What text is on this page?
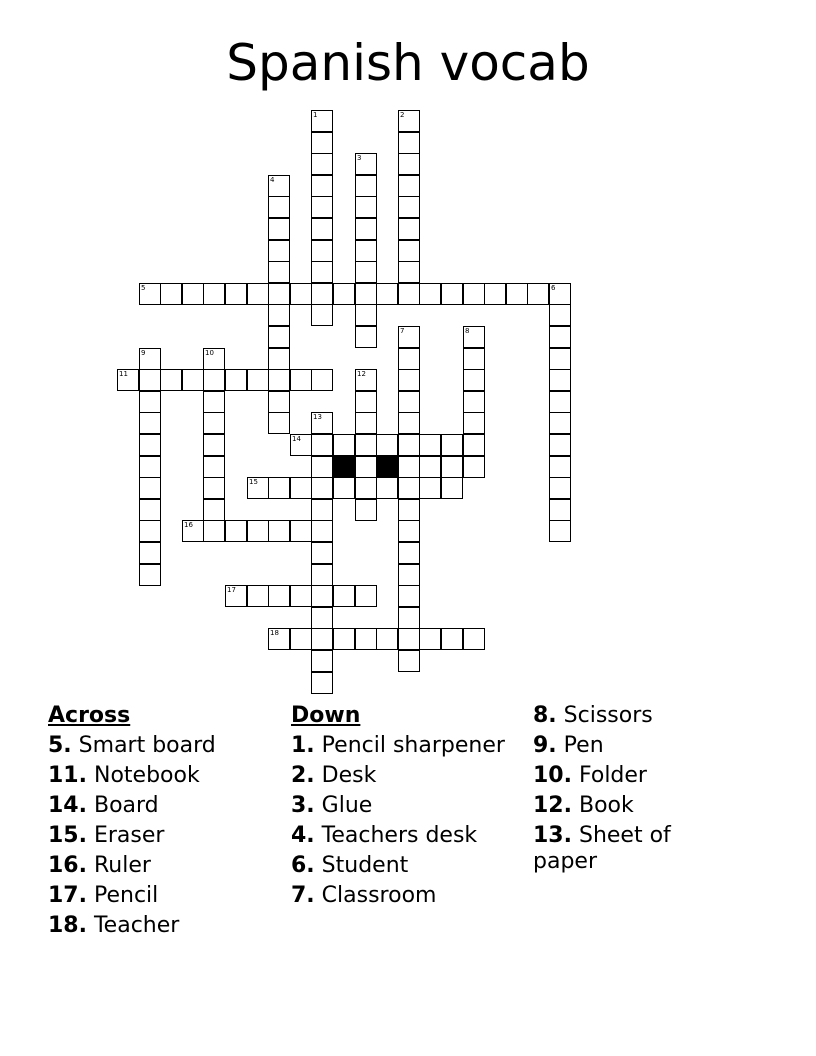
Spanish vocab
1	2
3
4
5	6
7	8
9	10
11	12
13
14
15
16
17
18
Across
5. Smart board
11. Notebook
14. Board
15. Eraser
16. Ruler
17. Pencil
18. Teacher
Down
1. Pencil sharpener
2. Desk
3. Glue
4. Teachers desk
6. Student
7. Classroom
8. Scissors
9. Pen
10. Folder
12. Book
13. Sheet of paper
